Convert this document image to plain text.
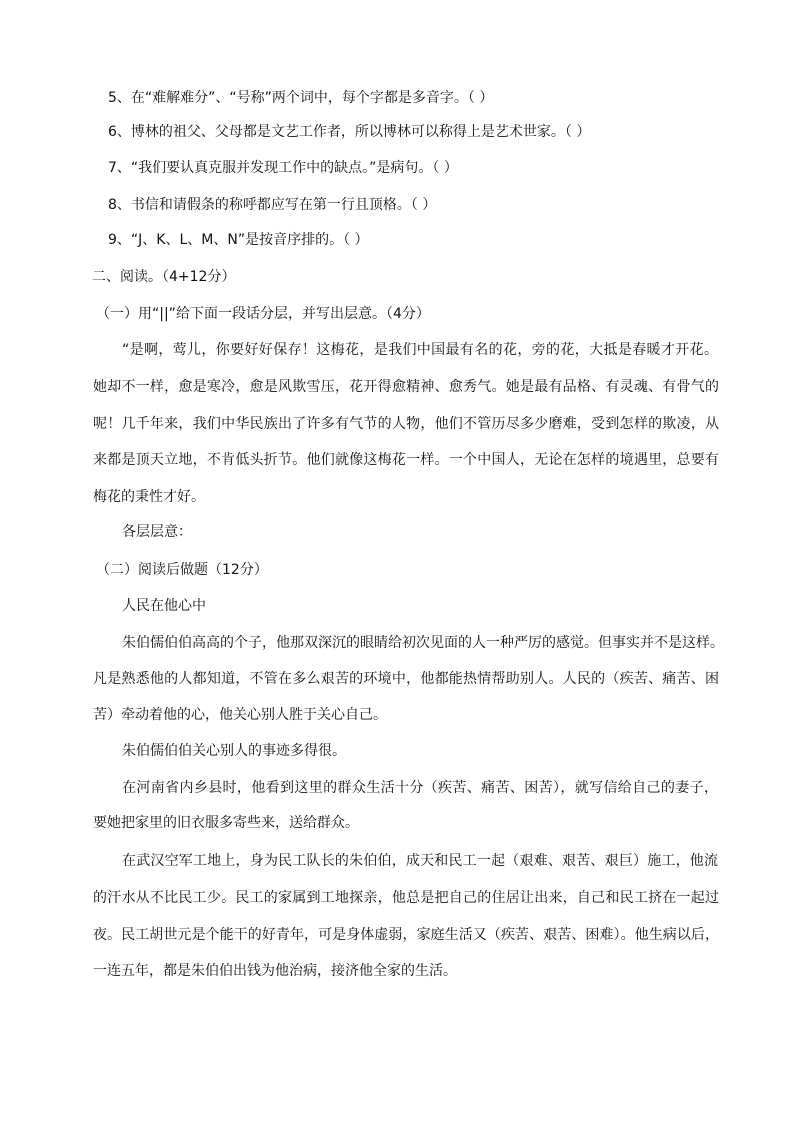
5、在“难解难分”、“号称”两个词中，每个字都是多音字。（ ）
6、博林的祖父、父母都是文艺工作者，所以博林可以称得上是艺术世家。（ ）
7、“我们要认真克服并发现工作中的缺点。”是病句。（ ）
8、书信和请假条的称呼都应写在第一行且顶格。（ ）
9、“J、K、L、M、N”是按音序排的。（ ）
二、阅读。（4+12分）
（一）用“||”给下面一段话分层，并写出层意。（4分）
“是啊，莺儿，你要好好保存！这梅花，是我们中国最有名的花，旁的花，大抵是春暖才开花。
她却不一样，愈是寒冷，愈是风欺雪压，花开得愈精神、愈秀气。她是最有品格、有灵魂、有骨气的
呢！几千年来，我们中华民族出了许多有气节的人物，他们不管历尽多少磨难，受到怎样的欺凌，从
来都是顶天立地，不肯低头折节。他们就像这梅花一样。一个中国人，无论在怎样的境遇里，总要有
梅花的秉性才好。
各层层意：
（二）阅读后做题（12分）
人民在他心中
朱伯儒伯伯高高的个子，他那双深沉的眼睛给初次见面的人一种严厉的感觉。但事实并不是这样。
凡是熟悉他的人都知道，不管在多么艰苦的环境中，他都能热情帮助别人。人民的（疾苦、痛苦、困
苦）牵动着他的心，他关心别人胜于关心自己。
朱伯儒伯伯关心别人的事迹多得很。
在河南省内乡县时，他看到这里的群众生活十分（疾苦、痛苦、困苦），就写信给自己的妻子，
要她把家里的旧衣服多寄些来，送给群众。
在武汉空军工地上，身为民工队长的朱伯伯，成天和民工一起（艰难、艰苦、艰巨）施工，他流
的汗水从不比民工少。民工的家属到工地探亲，他总是把自己的住居让出来，自己和民工挤在一起过
夜。民工胡世元是个能干的好青年，可是身体虚弱，家庭生活又（疾苦、艰苦、困难）。他生病以后，
一连五年，都是朱伯伯出钱为他治病，接济他全家的生活。
